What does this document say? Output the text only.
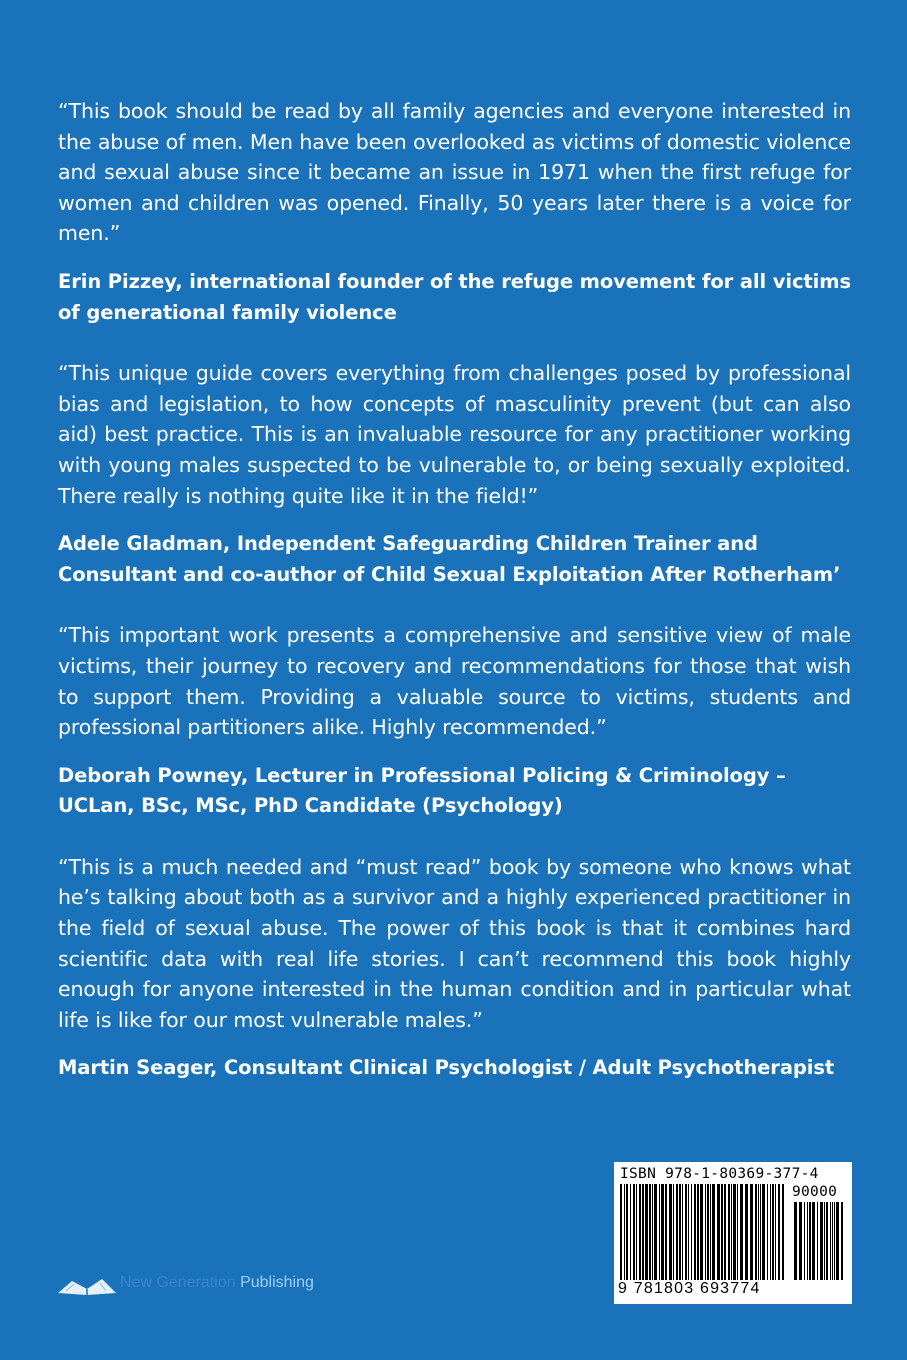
“This book should be read by all family agencies and everyone interested in the abuse of men. Men have been overlooked as victims of domestic violence and sexual abuse since it became an issue in 1971 when the first refuge for women and children was opened. Finally, 50 years later there is a voice for men.”

Erin Pizzey, international founder of the refuge movement for all victims of generational family violence

“This unique guide covers everything from challenges posed by professional bias and legislation, to how concepts of masculinity prevent (but can also aid) best practice. This is an invaluable resource for any practitioner working with young males suspected to be vulnerable to, or being sexually exploited. There really is nothing quite like it in the field!”

Adele Gladman, Independent Safeguarding Children Trainer and Consultant and co-author of Child Sexual Exploitation After Rotherham’

“This important work presents a comprehensive and sensitive view of male victims, their journey to recovery and recommendations for those that wish to support them. Providing a valuable source to victims, students and professional partitioners alike. Highly recommended.”

Deborah Powney, Lecturer in Professional Policing & Criminology – UCLan, BSc, MSc, PhD Candidate (Psychology)

“This is a much needed and “must read” book by someone who knows what he’s talking about both as a survivor and a highly experienced practitioner in the field of sexual abuse. The power of this book is that it combines hard scientific data with real life stories. I can’t recommend this book highly enough for anyone interested in the human condition and in particular what life is like for our most vulnerable males.”

Martin Seager, Consultant Clinical Psychologist / Adult Psychotherapist

New Generation Publishing
ISBN 978-1-80369-377-4
90000
9 781803 693774
